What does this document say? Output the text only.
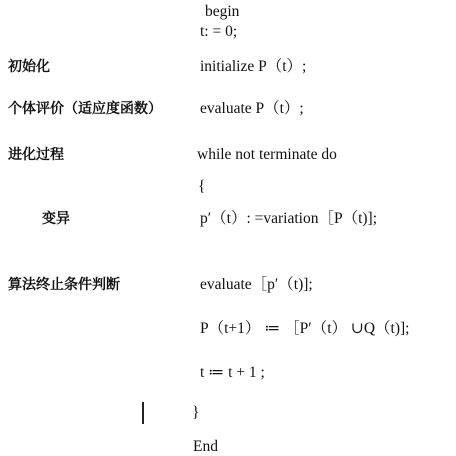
初始化
个体评价（适应度函数）
进化过程
变异
算法终止条件判断
begin
t: = 0;
initialize P（t）;
evaluate P（t）;
while not terminate do
{
p′（t）: =variation［P（t)];
evaluate［p′（t)];
P（t+1） ≔ ［P′（t） ∪Q（t)];
t ≔ t + 1 ;
}
End
